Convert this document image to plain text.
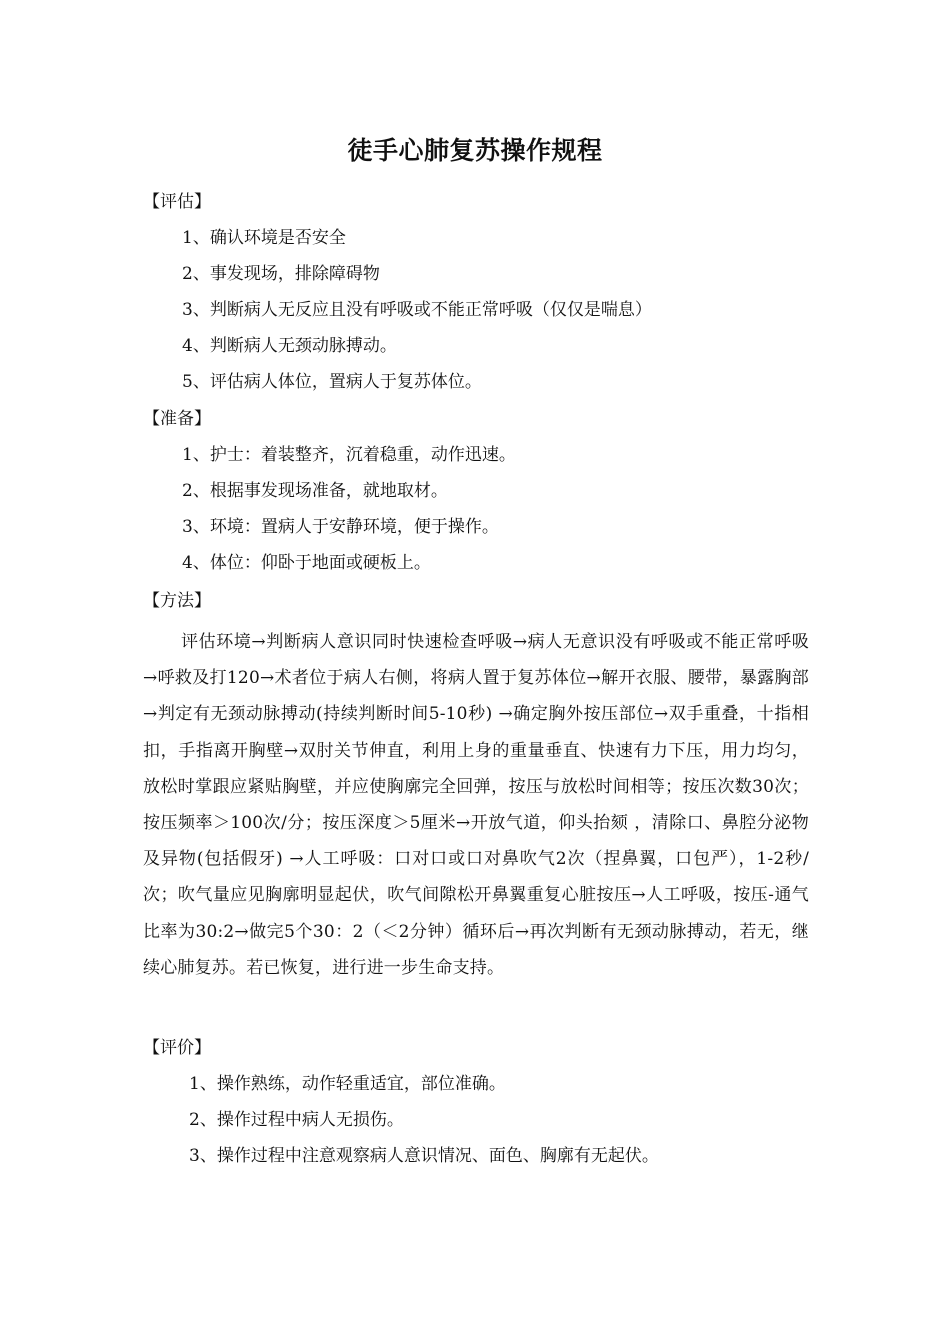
徒手心肺复苏操作规程
【评估】
1、确认环境是否安全
2、事发现场，排除障碍物
3、判断病人无反应且没有呼吸或不能正常呼吸（仅仅是喘息）
4、判断病人无颈动脉搏动。
5、评估病人体位，置病人于复苏体位。
【准备】
1、护士：着装整齐，沉着稳重，动作迅速。
2、根据事发现场准备，就地取材。
3、环境：置病人于安静环境，便于操作。
4、体位：仰卧于地面或硬板上。
【方法】
评估环境→判断病人意识同时快速检查呼吸→病人无意识没有呼吸或不能正常呼吸→呼救及打120→术者位于病人右侧，将病人置于复苏体位→解开衣服、腰带，暴露胸部→判定有无颈动脉搏动(持续判断时间5-10秒) →确定胸外按压部位→双手重叠，十指相扣，手指离开胸壁→双肘关节伸直，利用上身的重量垂直、快速有力下压，用力均匀，放松时掌跟应紧贴胸壁，并应使胸廓完全回弹，按压与放松时间相等；按压次数30次；按压频率＞100次/分；按压深度＞5厘米→开放气道，仰头抬颏 ，清除口、鼻腔分泌物及异物(包括假牙) →人工呼吸：口对口或口对鼻吹气2次（捏鼻翼，口包严），1-2秒/次；吹气量应见胸廓明显起伏，吹气间隙松开鼻翼重复心脏按压→人工呼吸，按压-通气比率为30:2→做完5个30：2（＜2分钟）循环后→再次判断有无颈动脉搏动，若无，继续心肺复苏。若已恢复，进行进一步生命支持。
【评价】
1、操作熟练，动作轻重适宜，部位准确。
2、操作过程中病人无损伤。
3、操作过程中注意观察病人意识情况、面色、胸廓有无起伏。
